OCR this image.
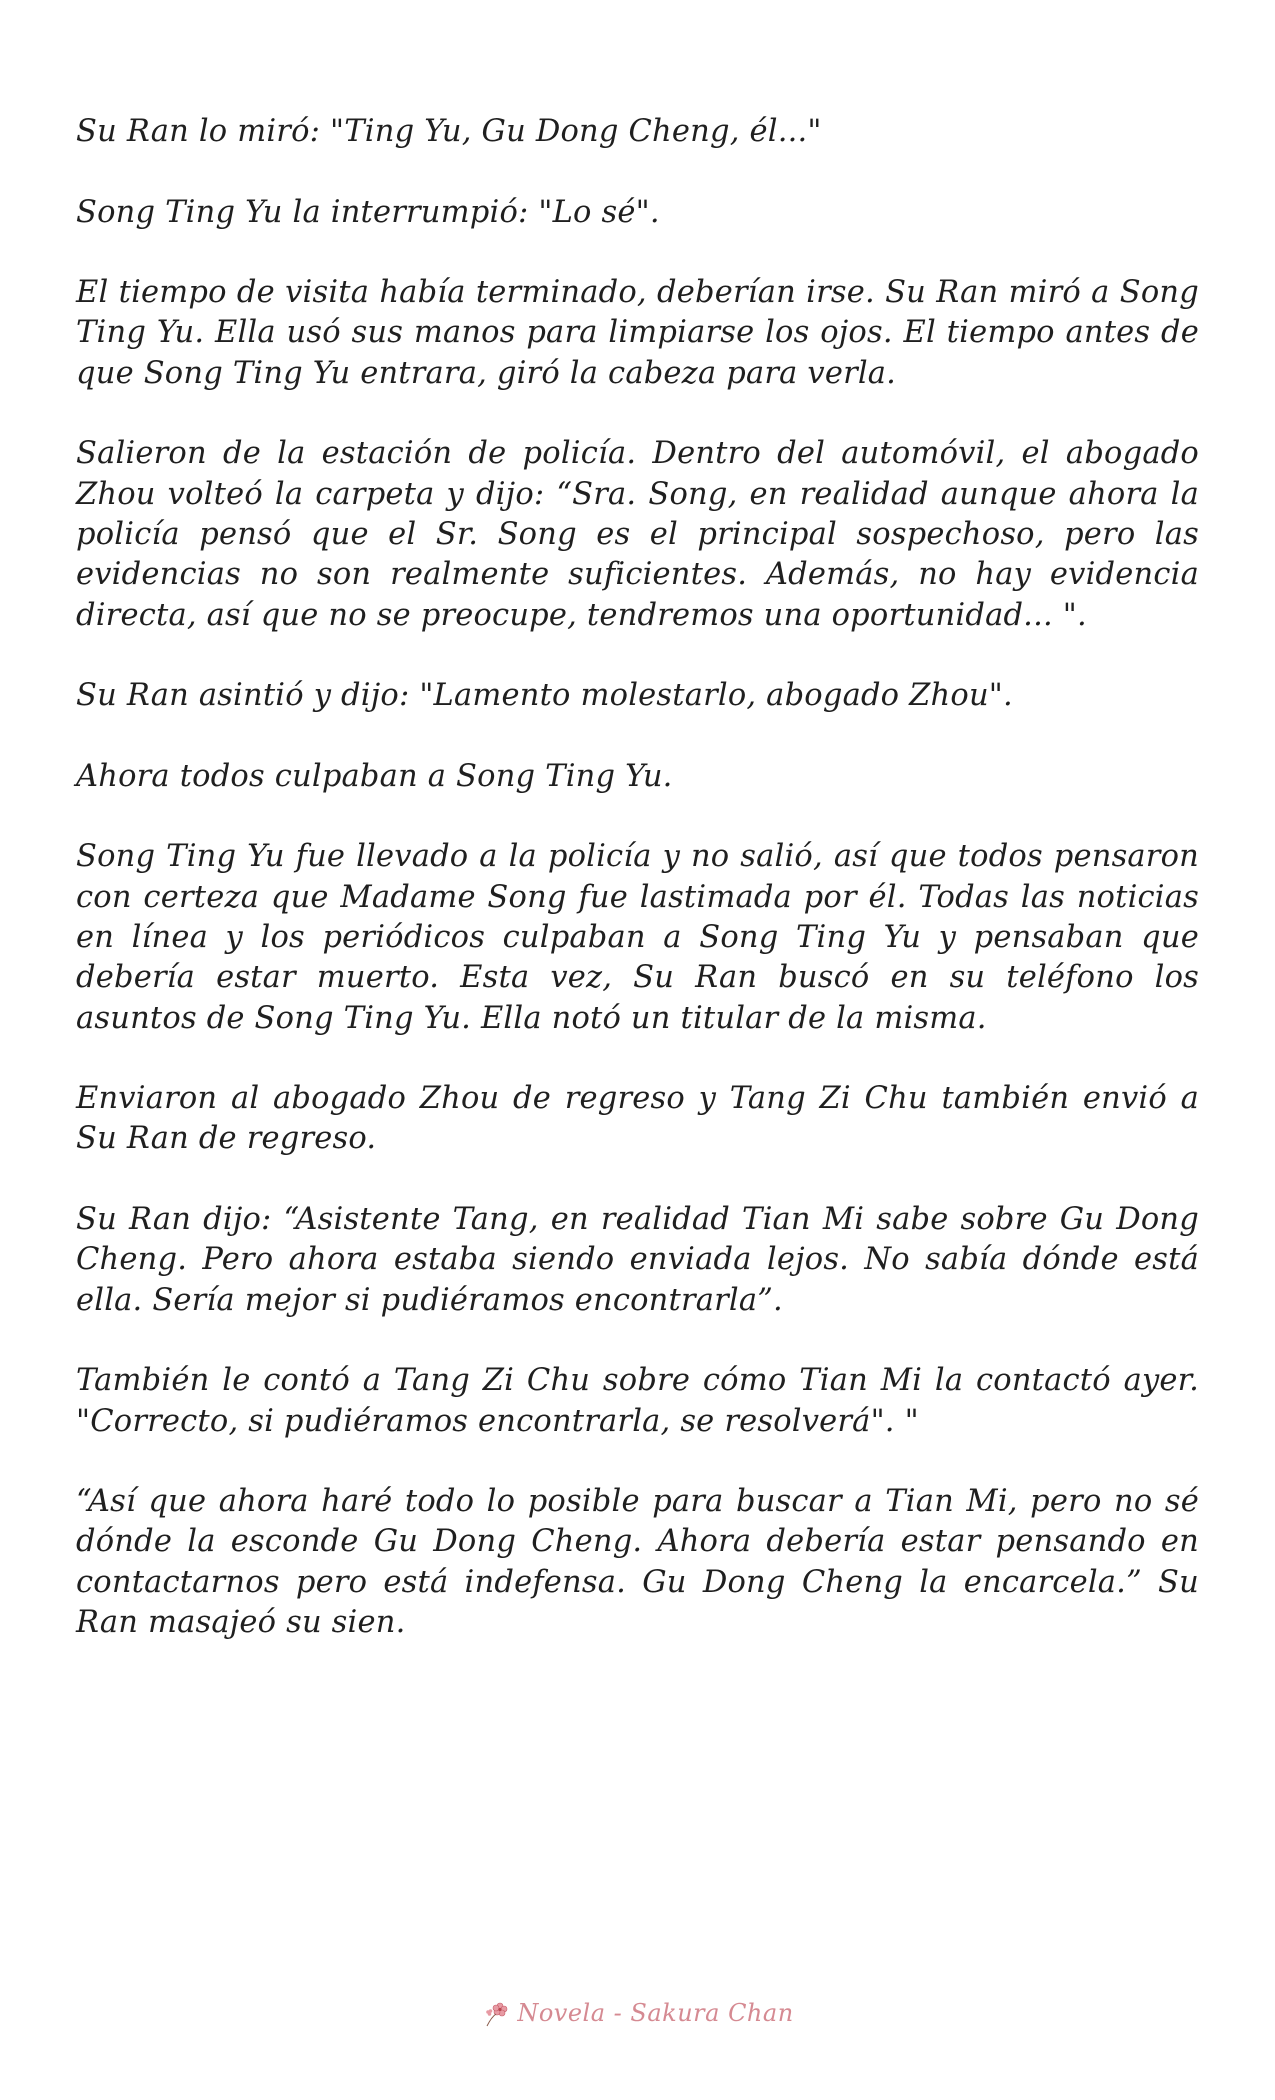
Su Ran lo miró: "Ting Yu, Gu Dong Cheng, él..."

Song Ting Yu la interrumpió: "Lo sé".

El tiempo de visita había terminado, deberían irse. Su Ran miró a Song Ting Yu. Ella usó sus manos para limpiarse los ojos. El tiempo antes de que Song Ting Yu entrara, giró la cabeza para verla.

Salieron de la estación de policía. Dentro del automóvil, el abogado Zhou volteó la carpeta y dijo: “Sra. Song, en realidad aunque ahora la policía pensó que el Sr. Song es el principal sospechoso, pero las evidencias no son realmente suficientes. Además, no hay evidencia directa, así que no se preocupe, tendremos una oportunidad... ".

Su Ran asintió y dijo: "Lamento molestarlo, abogado Zhou".

Ahora todos culpaban a Song Ting Yu.

Song Ting Yu fue llevado a la policía y no salió, así que todos pensaron con certeza que Madame Song fue lastimada por él. Todas las noticias en línea y los periódicos culpaban a Song Ting Yu y pensaban que debería estar muerto. Esta vez, Su Ran buscó en su teléfono los asuntos de Song Ting Yu. Ella notó un titular de la misma.

Enviaron al abogado Zhou de regreso y Tang Zi Chu también envió a Su Ran de regreso.

Su Ran dijo: “Asistente Tang, en realidad Tian Mi sabe sobre Gu Dong Cheng. Pero ahora estaba siendo enviada lejos. No sabía dónde está ella. Sería mejor si pudiéramos encontrarla”.

También le contó a Tang Zi Chu sobre cómo Tian Mi la contactó ayer. "Correcto, si pudiéramos encontrarla, se resolverá". "

“Así que ahora haré todo lo posible para buscar a Tian Mi, pero no sé dónde la esconde Gu Dong Cheng. Ahora debería estar pensando en contactarnos pero está indefensa. Gu Dong Cheng la encarcela.” Su Ran masajeó su sien.

Novela - Sakura Chan
